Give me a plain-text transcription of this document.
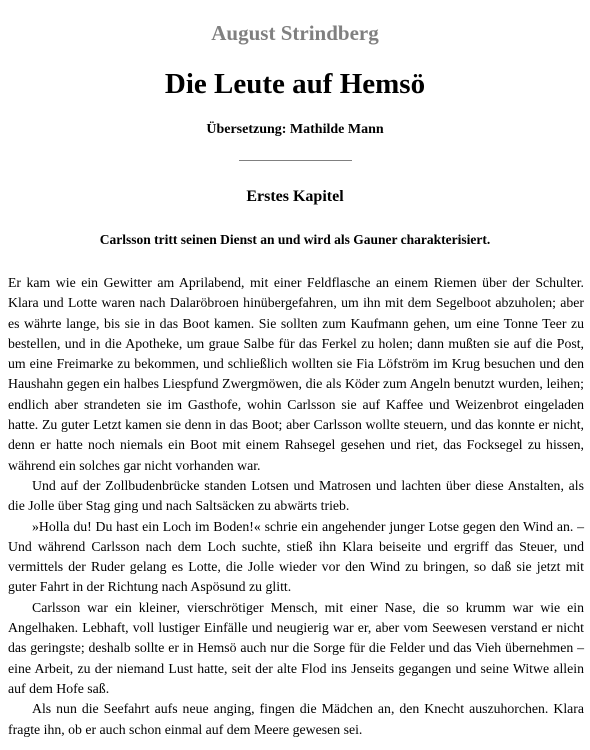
August Strindberg
Die Leute auf Hemsö
Übersetzung: Mathilde Mann
Erstes Kapitel
Carlsson tritt seinen Dienst an und wird als Gauner charakterisiert.

Er kam wie ein Gewitter am Aprilabend, mit einer Feldflasche an einem Riemen über der Schulter. Klara und Lotte waren nach Dalaröbroen hinübergefahren, um ihn mit dem Segelboot abzuholen; aber es währte lange, bis sie in das Boot kamen. Sie sollten zum Kaufmann gehen, um eine Tonne Teer zu bestellen, und in die Apotheke, um graue Salbe für das Ferkel zu holen; dann mußten sie auf die Post, um eine Freimarke zu bekommen, und schließlich wollten sie Fia Löfström im Krug besuchen und den Haushahn gegen ein halbes Liespfund Zwergmöwen, die als Köder zum Angeln benutzt wurden, leihen; endlich aber strandeten sie im Gasthofe, wohin Carlsson sie auf Kaffee und Weizenbrot eingeladen hatte. Zu guter Letzt kamen sie denn in das Boot; aber Carlsson wollte steuern, und das konnte er nicht, denn er hatte noch niemals ein Boot mit einem Rahsegel gesehen und riet, das Focksegel zu hissen, während ein solches gar nicht vorhanden war.

Und auf der Zollbudenbrücke standen Lotsen und Matrosen und lachten über diese Anstalten, als die Jolle über Stag ging und nach Saltsäcken zu abwärts trieb.

»Holla du! Du hast ein Loch im Boden!« schrie ein angehender junger Lotse gegen den Wind an. – Und während Carlsson nach dem Loch suchte, stieß ihn Klara beiseite und ergriff das Steuer, und vermittels der Ruder gelang es Lotte, die Jolle wieder vor den Wind zu bringen, so daß sie jetzt mit guter Fahrt in der Richtung nach Aspösund zu glitt.

Carlsson war ein kleiner, vierschrötiger Mensch, mit einer Nase, die so krumm war wie ein Angelhaken. Lebhaft, voll lustiger Einfälle und neugierig war er, aber vom Seewesen verstand er nicht das geringste; deshalb sollte er in Hemsö auch nur die Sorge für die Felder und das Vieh übernehmen – eine Arbeit, zu der niemand Lust hatte, seit der alte Flod ins Jenseits gegangen und seine Witwe allein auf dem Hofe saß.

Als nun die Seefahrt aufs neue anging, fingen die Mädchen an, den Knecht auszuhorchen. Klara fragte ihn, ob er auch schon einmal auf dem Meere gewesen sei.
